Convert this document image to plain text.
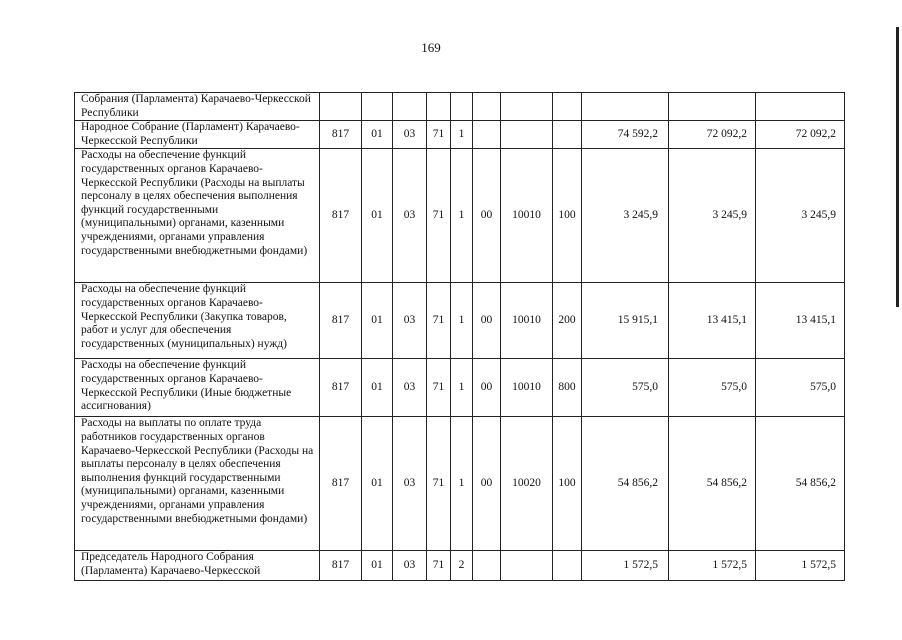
169
Собрания (Парламента) Карачаево-Черкесской Республики											
Народное Собрание (Парламент) Карачаево-Черкесской Республики	817	01	03	71	1				74 592,2	72 092,2	72 092,2
Расходы на обеспечение функций государственных органов Карачаево-Черкесской Республики (Расходы на выплаты персоналу в целях обеспечения выполнения функций государственными (муниципальными) органами, казенными учреждениями, органами управления государственными внебюджетными фондами)	817	01	03	71	1	00	10010	100	3 245,9	3 245,9	3 245,9
Расходы на обеспечение функций государственных органов Карачаево-Черкесской Республики (Закупка товаров, работ и услуг для обеспечения государственных (муниципальных) нужд)	817	01	03	71	1	00	10010	200	15 915,1	13 415,1	13 415,1
Расходы на обеспечение функций государственных органов Карачаево-Черкесской Республики (Иные бюджетные ассигнования)	817	01	03	71	1	00	10010	800	575,0	575,0	575,0
Расходы на выплаты по оплате труда работников государственных органов Карачаево-Черкесской Республики (Расходы на выплаты персоналу в целях обеспечения выполнения функций государственными (муниципальными) органами, казенными учреждениями, органами управления государственными внебюджетными фондами)	817	01	03	71	1	00	10020	100	54 856,2	54 856,2	54 856,2
Председатель Народного Собрания (Парламента) Карачаево-Черкесской	817	01	03	71	2				1 572,5	1 572,5	1 572,5
